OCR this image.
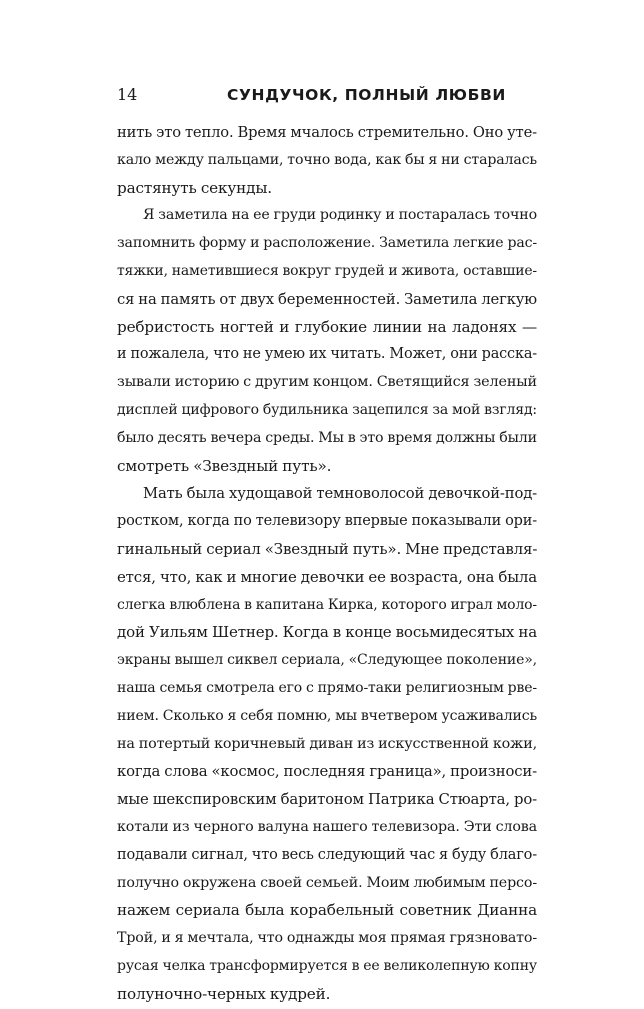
14	СУНДУЧОК, ПОЛНЫЙ ЛЮБВИ

нить это тепло. Время мчалось стремительно. Оно уте-
кало между пальцами, точно вода, как бы я ни старалась
растянуть секунды.

Я заметила на ее груди родинку и постаралась точно
запомнить форму и расположение. Заметила легкие рас-
тяжки, наметившиеся вокруг грудей и живота, оставшие-
ся на память от двух беременностей. Заметила легкую
ребристость ногтей и глубокие линии на ладонях —
и пожалела, что не умею их читать. Может, они расска-
зывали историю с другим концом. Светящийся зеленый
дисплей цифрового будильника зацепился за мой взгляд:
было десять вечера среды. Мы в это время должны были
смотреть «Звездный путь».

Мать была худощавой темноволосой девочкой-под-
ростком, когда по телевизору впервые показывали ори-
гинальный сериал «Звездный путь». Мне представля-
ется, что, как и многие девочки ее возраста, она была
слегка влюблена в капитана Кирка, которого играл моло-
дой Уильям Шетнер. Когда в конце восьмидесятых на
экраны вышел сиквел сериала, «Следующее поколение»,
наша семья смотрела его с прямо-таки религиозным рве-
нием. Сколько я себя помню, мы вчетвером усаживались
на потертый коричневый диван из искусственной кожи,
когда слова «космос, последняя граница», произноси-
мые шекспировским баритоном Патрика Стюарта, ро-
котали из черного валуна нашего телевизора. Эти слова
подавали сигнал, что весь следующий час я буду благо-
получно окружена своей семьей. Моим любимым персо-
нажем сериала была корабельный советник Дианна
Трой, и я мечтала, что однажды моя прямая грязновато-
русая челка трансформируется в ее великолепную копну
полуночно-черных кудрей.
